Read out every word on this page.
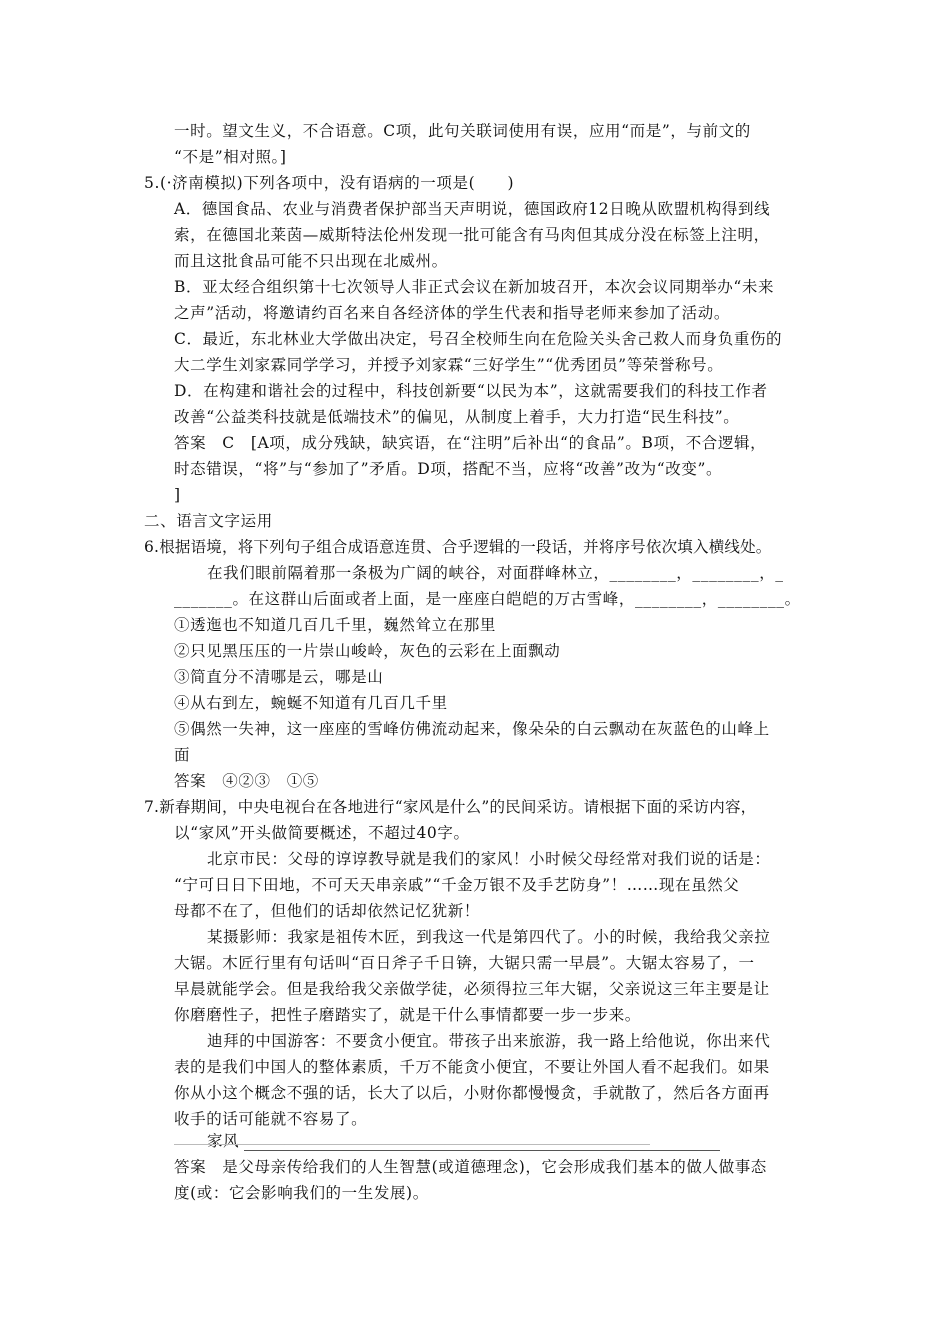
一时。望文生义，不合语意。C项，此句关联词使用有误，应用“而是”，与前文的
“不是”相对照。]
5.(·济南模拟)下列各项中，没有语病的一项是(　　)
A．德国食品、农业与消费者保护部当天声明说，德国政府12日晚从欧盟机构得到线
索，在德国北莱茵—威斯特法伦州发现一批可能含有马肉但其成分没在标签上注明，
而且这批食品可能不只出现在北威州。
B．亚太经合组织第十七次领导人非正式会议在新加坡召开，本次会议同期举办“未来
之声”活动，将邀请约百名来自各经济体的学生代表和指导老师来参加了活动。
C．最近，东北林业大学做出决定，号召全校师生向在危险关头舍己救人而身负重伤的
大二学生刘家霖同学学习，并授予刘家霖“三好学生”“优秀团员”等荣誉称号。
D．在构建和谐社会的过程中，科技创新要“以民为本”，这就需要我们的科技工作者
改善“公益类科技就是低端技术”的偏见，从制度上着手，大力打造“民生科技”。
答案　C　[A项，成分残缺，缺宾语，在“注明”后补出“的食品”。B项，不合逻辑，
时态错误，“将”与“参加了”矛盾。D项，搭配不当，应将“改善”改为“改变”。
]
二、语言文字运用
6.根据语境，将下列句子组合成语意连贯、合乎逻辑的一段话，并将序号依次填入横线处。
在我们眼前隔着那一条极为广阔的峡谷，对面群峰林立，________，________，_
_______。在这群山后面或者上面，是一座座白皑皑的万古雪峰，________，________。
①透迤也不知道几百几千里，巍然耸立在那里
②只见黑压压的一片崇山峻岭，灰色的云彩在上面飘动
③简直分不清哪是云，哪是山
④从右到左，蜿蜒不知道有几百几千里
⑤偶然一失神，这一座座的雪峰仿佛流动起来，像朵朵的白云飘动在灰蓝色的山峰上
面
答案　④②③　①⑤
7.新春期间，中央电视台在各地进行“家风是什么”的民间采访。请根据下面的采访内容，
以“家风”开头做简要概述，不超过40字。
北京市民：父母的谆谆教导就是我们的家风！小时候父母经常对我们说的话是：
“宁可日日下田地，不可天天串亲戚”“千金万银不及手艺防身”！……现在虽然父
母都不在了，但他们的话却依然记忆犹新！
某摄影师：我家是祖传木匠，到我这一代是第四代了。小的时候，我给我父亲拉
大锯。木匠行里有句话叫“百日斧子千日锛，大锯只需一早晨”。大锯太容易了，一
早晨就能学会。但是我给我父亲做学徒，必须得拉三年大锯，父亲说这三年主要是让
你磨磨性子，把性子磨踏实了，就是干什么事情都要一步一步来。
迪拜的中国游客：不要贪小便宜。带孩子出来旅游，我一路上给他说，你出来代
表的是我们中国人的整体素质，千万不能贪小便宜，不要让外国人看不起我们。如果
你从小这个概念不强的话，长大了以后，小财你都慢慢贪，手就散了，然后各方面再
收手的话可能就不容易了。
家风
答案　是父母亲传给我们的人生智慧(或道德理念)，它会形成我们基本的做人做事态
度(或：它会影响我们的一生发展)。
